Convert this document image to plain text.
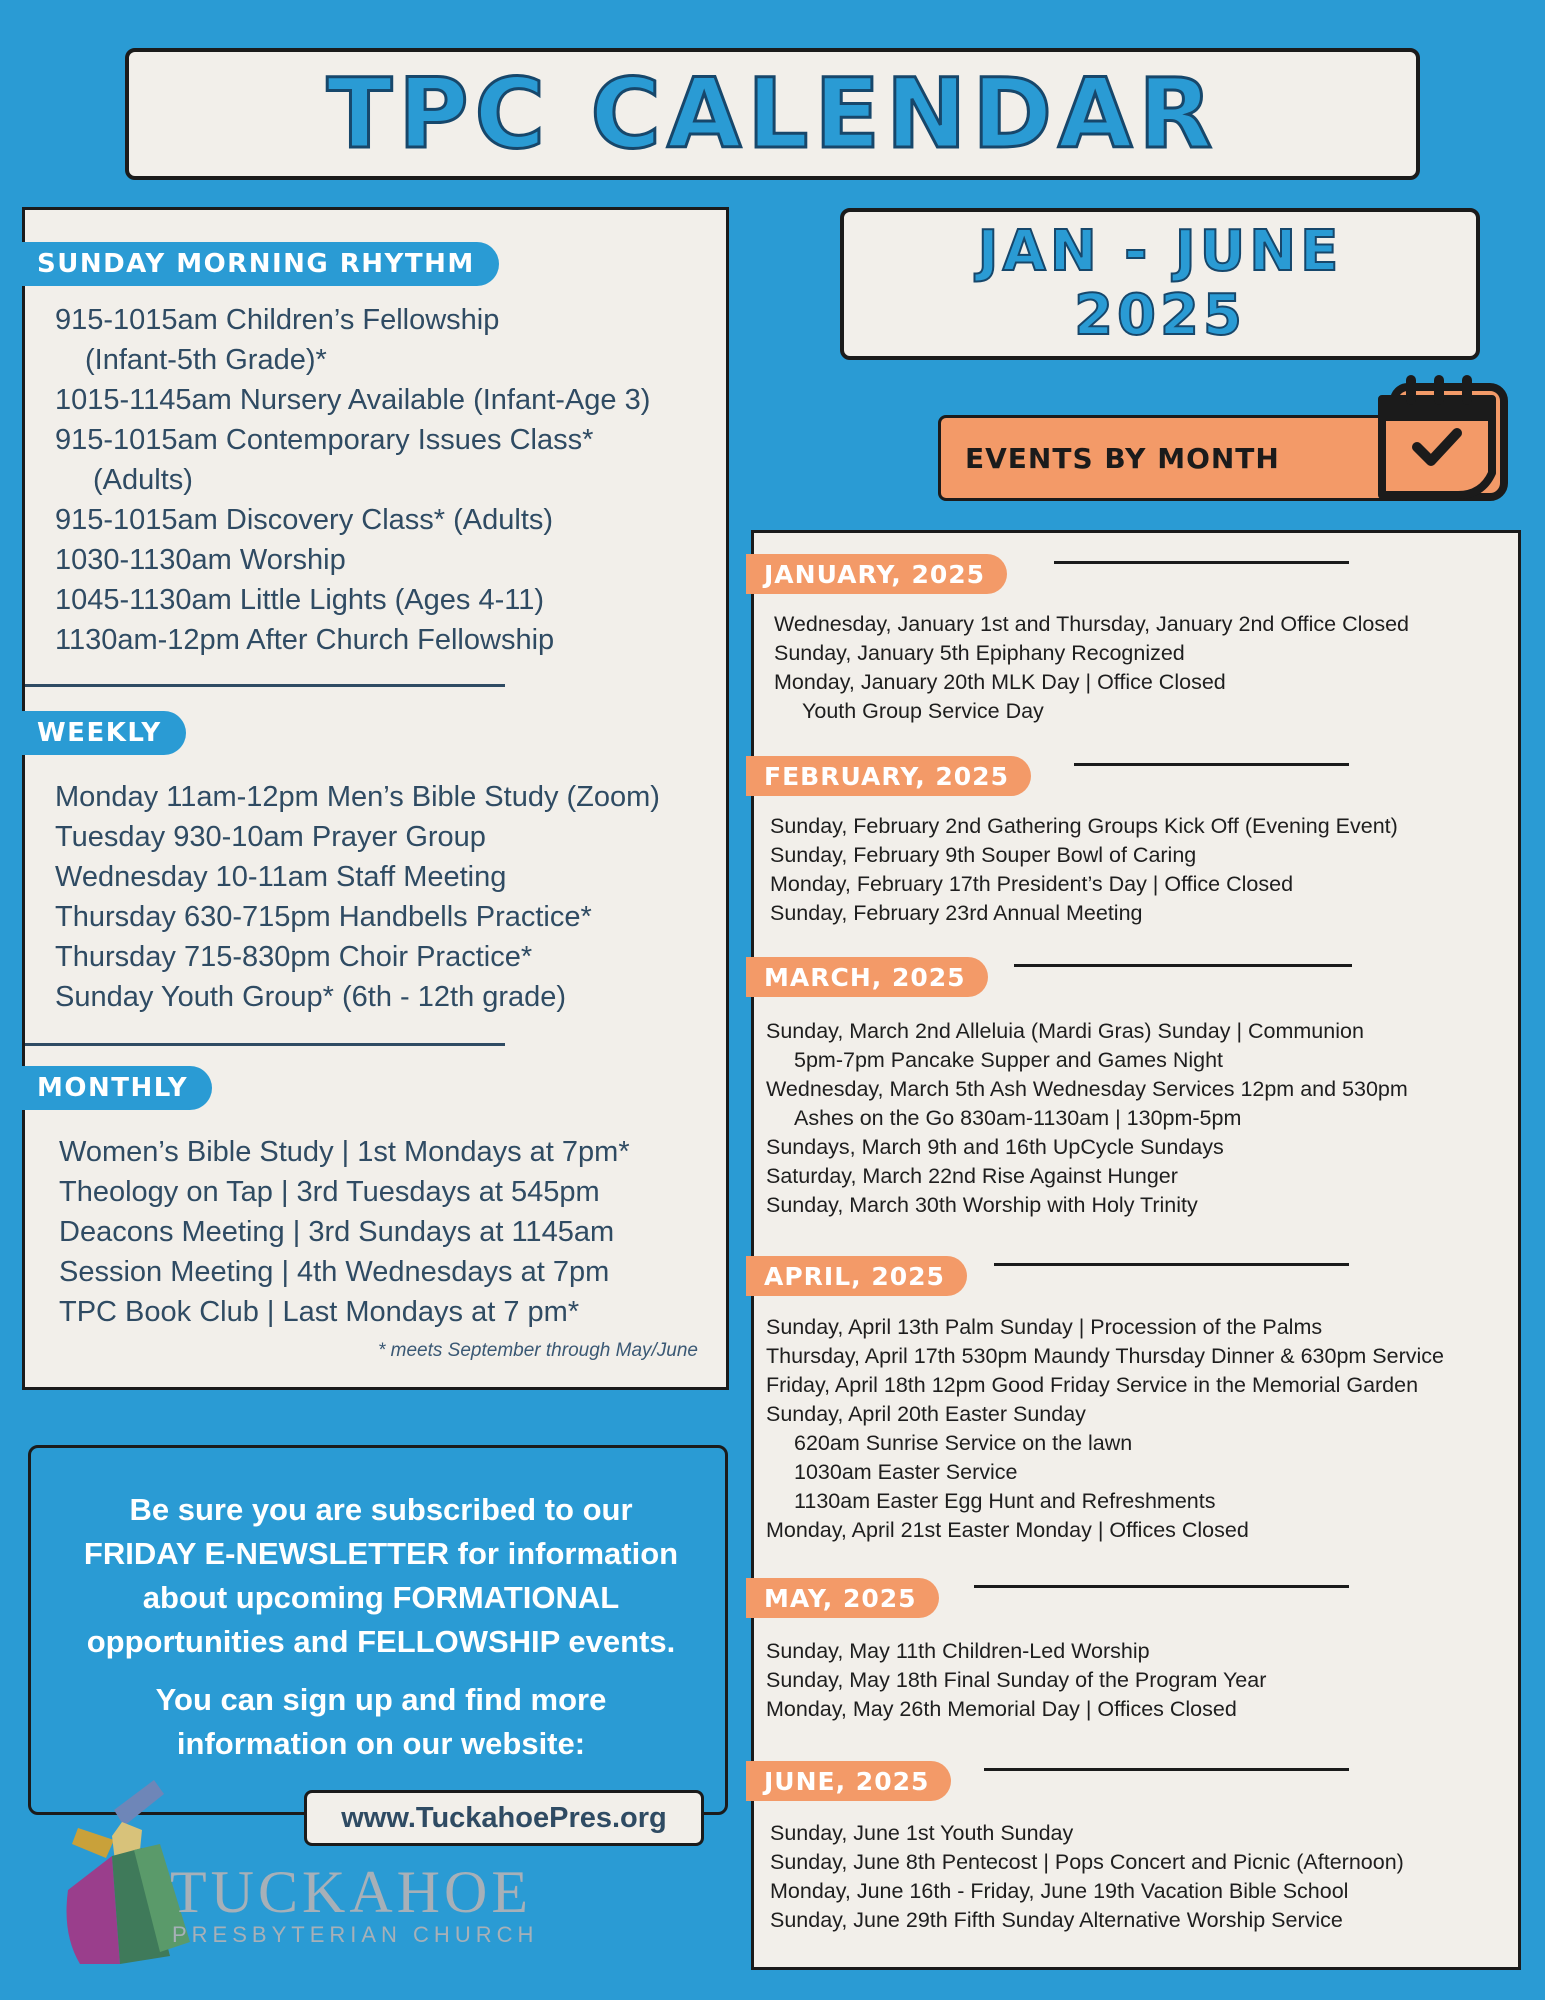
TPC CALENDAR
JAN - JUNE
2025
EVENTS BY MONTH
SUNDAY MORNING RHYTHM
915-1015am Children’s Fellowship
(Infant-5th Grade)*
1015-1145am Nursery Available (Infant-Age 3)
915-1015am Contemporary Issues Class*
(Adults)
915-1015am Discovery Class* (Adults)
1030-1130am Worship
1045-1130am Little Lights (Ages 4-11)
1130am-12pm After Church Fellowship
WEEKLY
Monday 11am-12pm Men’s Bible Study (Zoom)
Tuesday 930-10am Prayer Group
Wednesday 10-11am Staff Meeting
Thursday 630-715pm Handbells Practice*
Thursday 715-830pm Choir Practice*
Sunday Youth Group* (6th - 12th grade)
MONTHLY
Women’s Bible Study | 1st Mondays at 7pm*
Theology on Tap | 3rd Tuesdays at 545pm
Deacons Meeting | 3rd Sundays at 1145am
Session Meeting | 4th Wednesdays at 7pm
TPC Book Club | Last Mondays at 7 pm*
* meets September through May/June

Be sure you are subscribed to our
FRIDAY E-NEWSLETTER for information
about upcoming FORMATIONAL
opportunities and FELLOWSHIP events.

You can sign up and find more
information on our website:

TUCKAHOE
PRESBYTERIAN CHURCH
www.TuckahoePres.org
JANUARY, 2025
Wednesday, January 1st and Thursday, January 2nd Office Closed
Sunday, January 5th Epiphany Recognized
Monday, January 20th MLK Day | Office Closed
Youth Group Service Day
FEBRUARY, 2025
Sunday, February 2nd Gathering Groups Kick Off (Evening Event)
Sunday, February 9th Souper Bowl of Caring
Monday, February 17th President’s Day | Office Closed
Sunday, February 23rd Annual Meeting
MARCH, 2025
Sunday, March 2nd Alleluia (Mardi Gras) Sunday | Communion
5pm-7pm Pancake Supper and Games Night
Wednesday, March 5th Ash Wednesday Services 12pm and 530pm
Ashes on the Go 830am-1130am | 130pm-5pm
Sundays, March 9th and 16th UpCycle Sundays
Saturday, March 22nd Rise Against Hunger
Sunday, March 30th Worship with Holy Trinity
APRIL, 2025
Sunday, April 13th Palm Sunday | Procession of the Palms
Thursday, April 17th 530pm Maundy Thursday Dinner & 630pm Service
Friday, April 18th 12pm Good Friday Service in the Memorial Garden
Sunday, April 20th Easter Sunday
620am Sunrise Service on the lawn
1030am Easter Service
1130am Easter Egg Hunt and Refreshments
Monday, April 21st Easter Monday | Offices Closed
MAY, 2025
Sunday, May 11th Children-Led Worship
Sunday, May 18th Final Sunday of the Program Year
Monday, May 26th Memorial Day | Offices Closed
JUNE, 2025
Sunday, June 1st Youth Sunday
Sunday, June 8th Pentecost | Pops Concert and Picnic (Afternoon)
Monday, June 16th - Friday, June 19th Vacation Bible School
Sunday, June 29th Fifth Sunday Alternative Worship Service
